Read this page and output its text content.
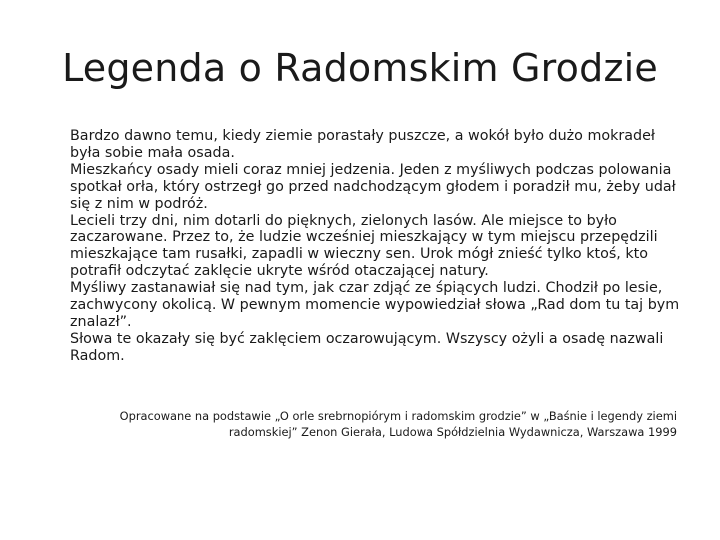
Legenda o Radomskim Grodzie

Bardzo dawno temu, kiedy ziemie porastały puszcze, a wokół było dużo mokradeł była sobie mała osada.

Mieszkańcy osady mieli coraz mniej jedzenia. Jeden z myśliwych podczas polowania spotkał orła, który ostrzegł go przed nadchodzącym głodem i poradził mu, żeby udał się z nim w podróż.

Lecieli trzy dni, nim dotarli do pięknych, zielonych lasów. Ale miejsce to było zaczarowane. Przez to, że ludzie wcześniej mieszkający w tym miejscu przepędzili mieszkające tam rusałki, zapadli w wieczny sen. Urok mógł znieść tylko ktoś, kto potrafił odczytać zaklęcie ukryte wśród otaczającej natury.

Myśliwy zastanawiał się nad tym, jak czar zdjąć ze śpiących ludzi. Chodził po lesie, zachwycony okolicą. W pewnym momencie wypowiedział słowa „Rad dom tu taj bym znalazł”.

Słowa te okazały się być zaklęciem oczarowującym. Wszyscy ożyli a osadę nazwali Radom.

Opracowane na podstawie „O orle srebrnopiórym i radomskim grodzie” w „Baśnie i legendy ziemi
radomskiej” Zenon Gierała, Ludowa Spółdzielnia Wydawnicza, Warszawa 1999
